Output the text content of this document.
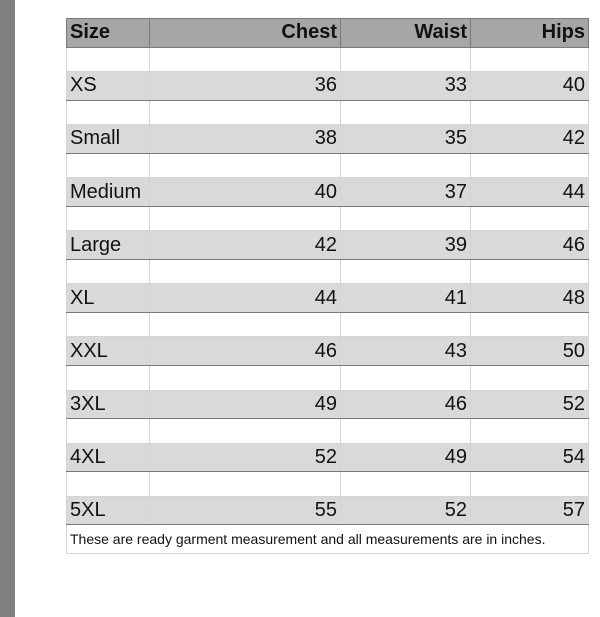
Size	Chest	Waist	Hips

XS	36	33	40

Small	38	35	42

Medium	40	37	44

Large	42	39	46

XL	44	41	48

XXL	46	43	50

3XL	49	46	52

4XL	52	49	54

5XL	55	52	57
These are ready garment measurement and all measurements are in inches.			
